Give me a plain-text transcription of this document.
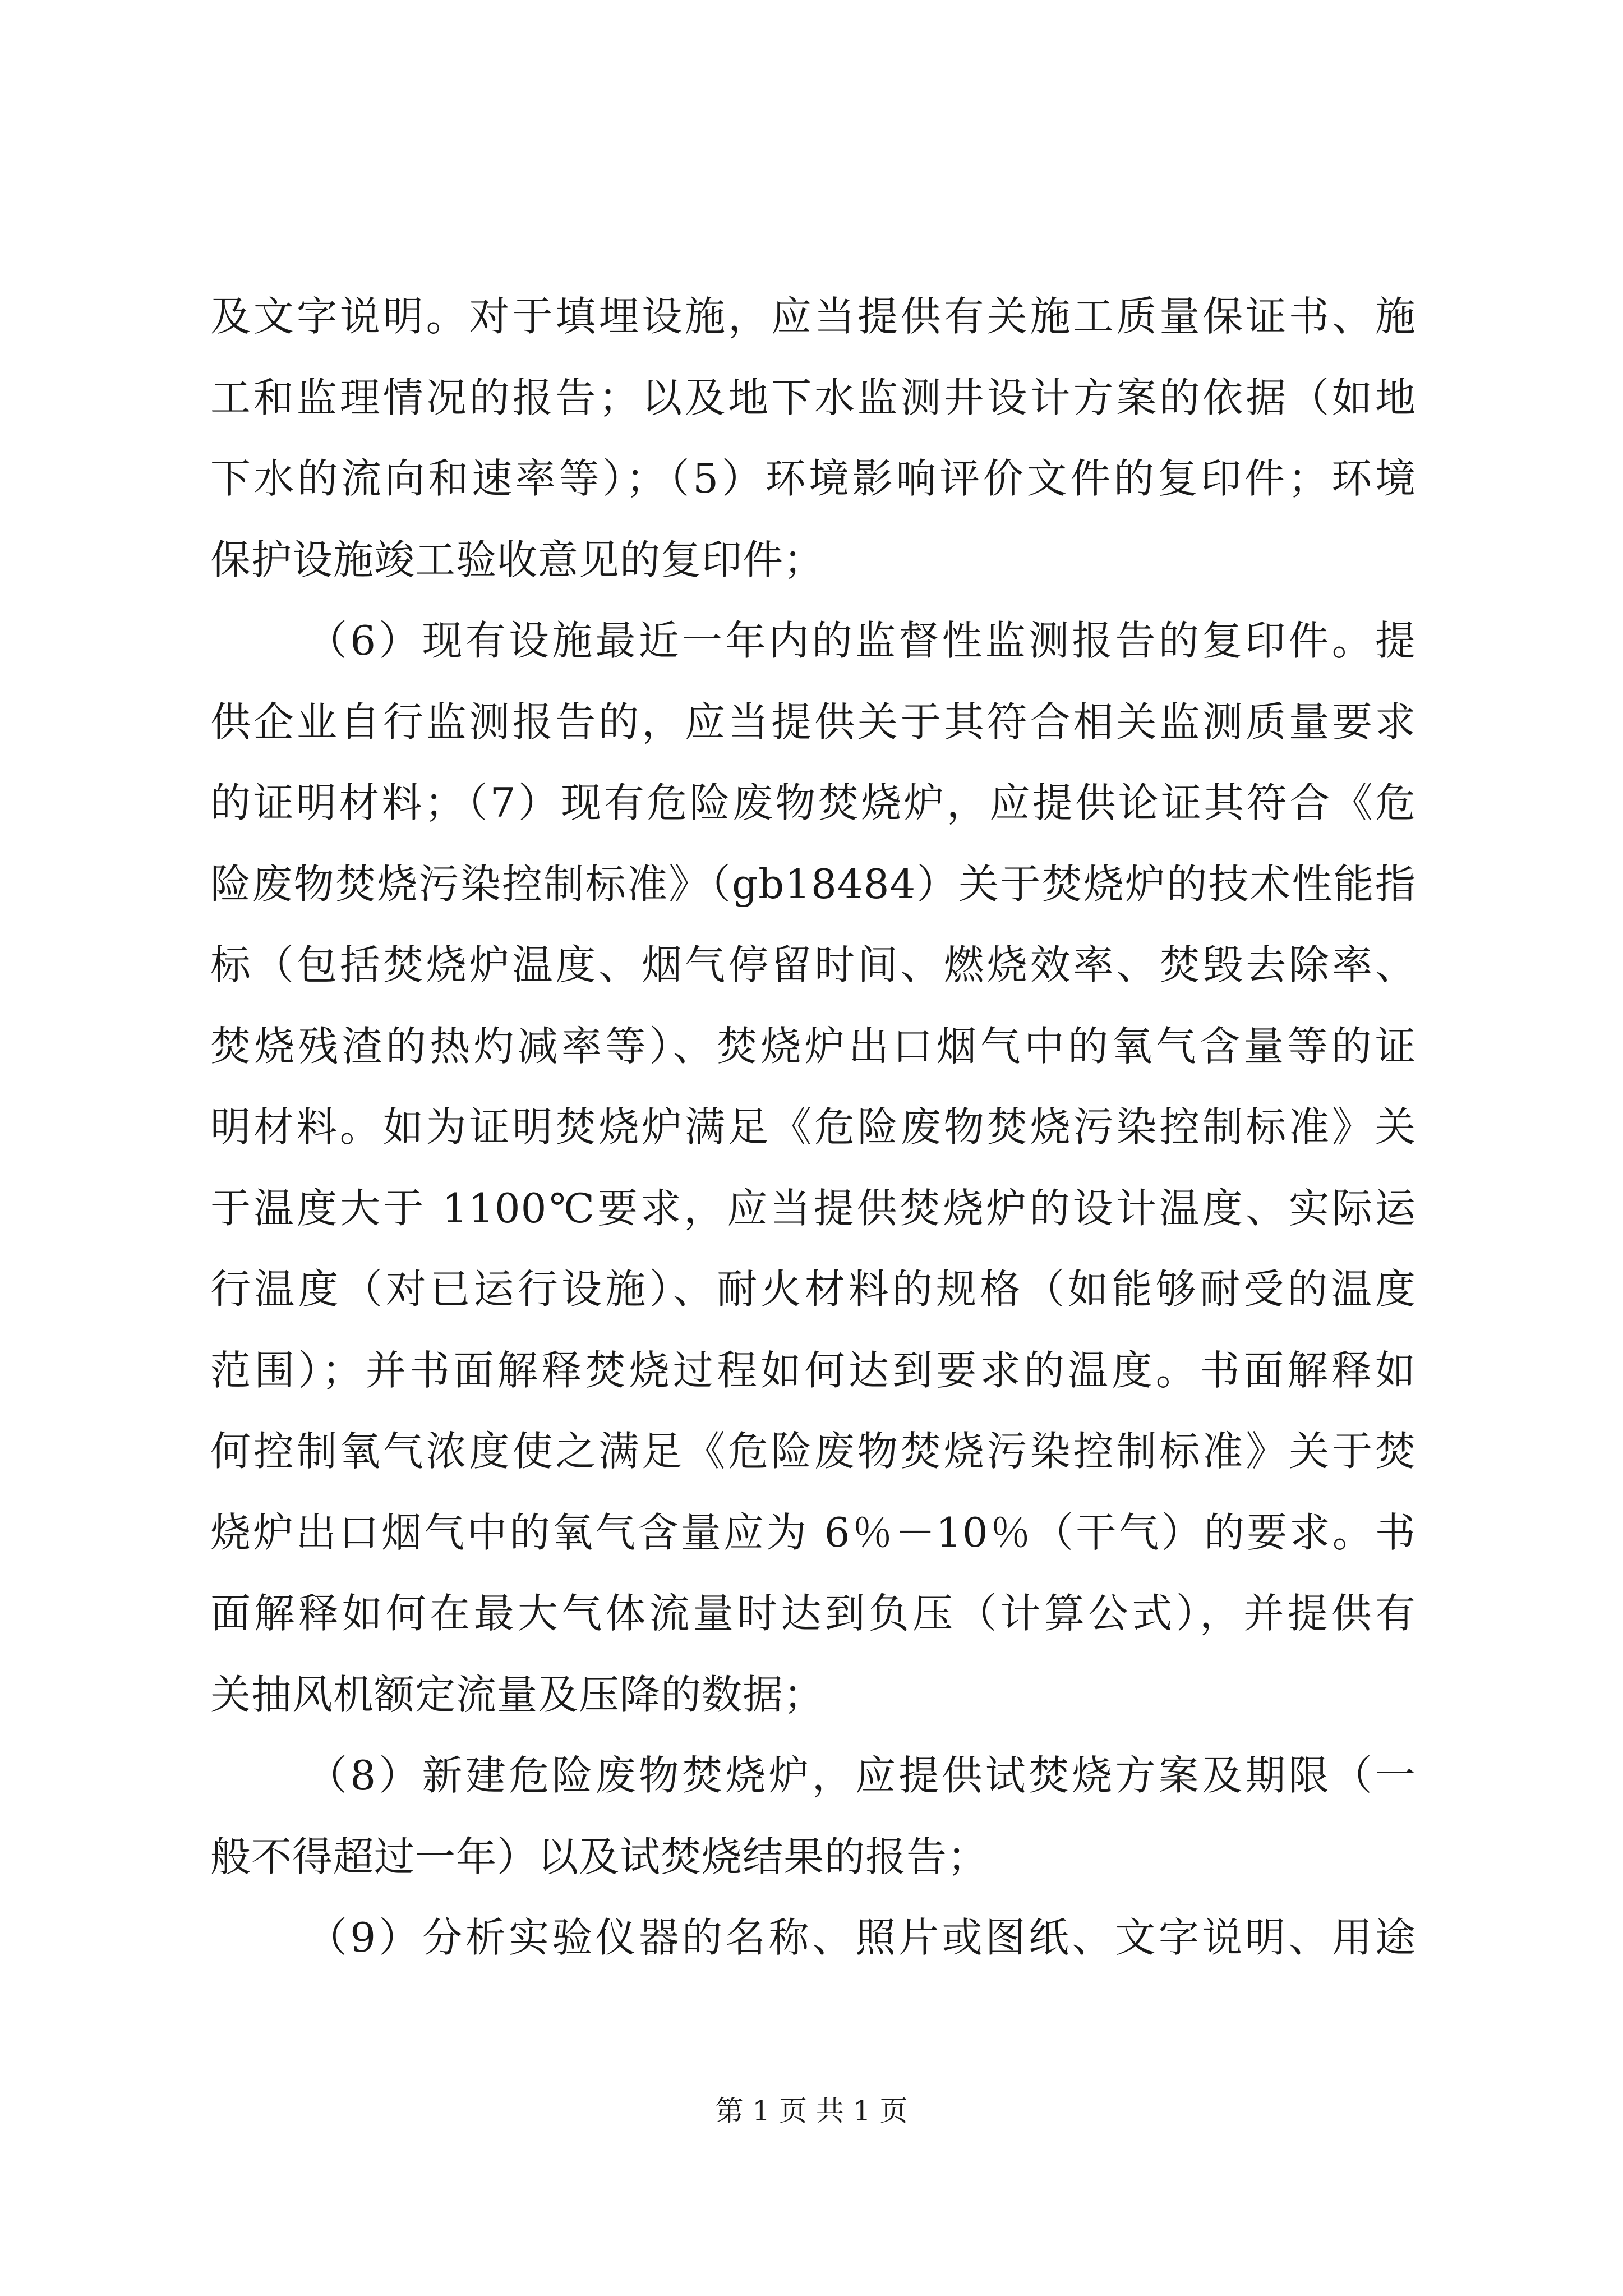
及文字说明。对于填埋设施，应当提供有关施工质量保证书、施
工和监理情况的报告；以及地下水监测井设计方案的依据（如地
下水的流向和速率等）；（5）环境影响评价文件的复印件；环境
保护设施竣工验收意见的复印件；
（6）现有设施最近一年内的监督性监测报告的复印件。提
供企业自行监测报告的，应当提供关于其符合相关监测质量要求
的证明材料；（7）现有危险废物焚烧炉，应提供论证其符合《危
险废物焚烧污染控制标准》（gb18484）关于焚烧炉的技术性能指
标（包括焚烧炉温度、烟气停留时间、燃烧效率、焚毁去除率、
焚烧残渣的热灼减率等）、焚烧炉出口烟气中的氧气含量等的证
明材料。如为证明焚烧炉满足《危险废物焚烧污染控制标准》关
于温度大于 1100℃要求，应当提供焚烧炉的设计温度、实际运
行温度（对已运行设施）、耐火材料的规格（如能够耐受的温度
范围）；并书面解释焚烧过程如何达到要求的温度。书面解释如
何控制氧气浓度使之满足《危险废物焚烧污染控制标准》关于焚
烧炉出口烟气中的氧气含量应为 6％－10％（干气）的要求。书
面解释如何在最大气体流量时达到负压（计算公式），并提供有
关抽风机额定流量及压降的数据；
（8）新建危险废物焚烧炉，应提供试焚烧方案及期限（一
般不得超过一年）以及试焚烧结果的报告；
（9）分析实验仪器的名称、照片或图纸、文字说明、用途
第 1 页 共 1 页
